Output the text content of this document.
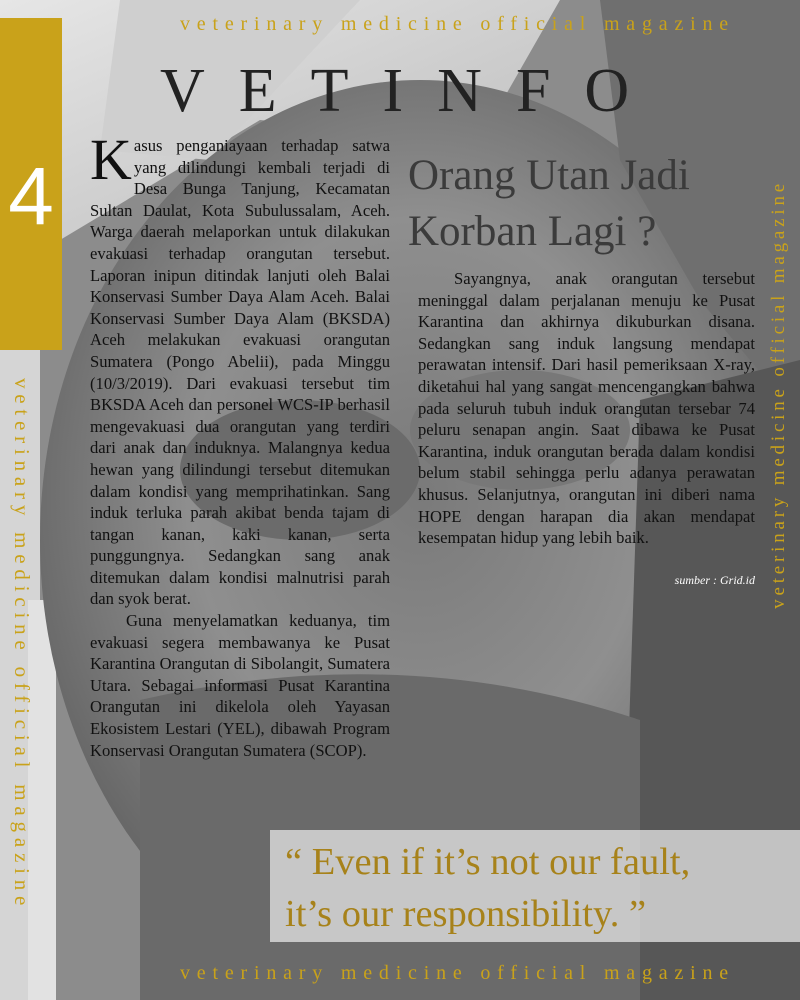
4
veterinary medicine official magazine
veterinary medicine official magazine
veterinary medicine official magazine	veterinary medicine official magazine
VETINFO

Kasus penganiayaan terhadap satwa yang dilindungi kembali terjadi di Desa Bunga Tanjung, Kecamatan Sultan Daulat, Kota Subulussalam, Aceh. Warga daerah melaporkan untuk dilakukan evakuasi terhadap orangutan tersebut. Laporan inipun ditindak lanjuti oleh Balai Konservasi Sumber Daya Alam Aceh. Balai Konservasi Sumber Daya Alam (BKSDA) Aceh melakukan evakuasi orangutan Sumatera (Pongo Abelii), pada Minggu (10/3/2019). Dari evakuasi tersebut tim BKSDA Aceh dan personel WCS-IP berhasil mengevakuasi dua orangutan yang terdiri dari anak dan induknya. Malangnya kedua hewan yang dilindungi tersebut ditemukan dalam kondisi yang memprihatinkan. Sang induk terluka parah akibat benda tajam di tangan kanan, kaki kanan, serta punggungnya. Sedangkan sang anak ditemukan dalam kondisi malnutrisi parah dan syok berat.

Guna menyelamatkan keduanya, tim evakuasi segera membawanya ke Pusat Karantina Orangutan di Sibolangit, Sumatera Utara. Sebagai informasi Pusat Karantina Orangutan ini dikelola oleh Yayasan Ekosistem Lestari (YEL), dibawah Program Konservasi Orangutan Sumatera (SCOP).

Orang Utan Jadi Korban Lagi ?

Sayangnya, anak orangutan tersebut meninggal dalam perjalanan menuju ke Pusat Karantina dan akhirnya dikuburkan disana. Sedangkan sang induk langsung mendapat perawatan intensif. Dari hasil pemeriksaan X-ray, diketahui hal yang sangat mencengangkan bahwa pada seluruh tubuh induk orangutan tersebar 74 peluru senapan angin. Saat dibawa ke Pusat Karantina, induk orangutan berada dalam kondisi belum stabil sehingga perlu adanya perawatan khusus. Selanjutnya, orangutan ini diberi nama HOPE dengan harapan dia akan mendapat kesempatan hidup yang lebih baik.

sumber : Grid.id
“ Even if it’s not our fault,
it’s our responsibility. ”
